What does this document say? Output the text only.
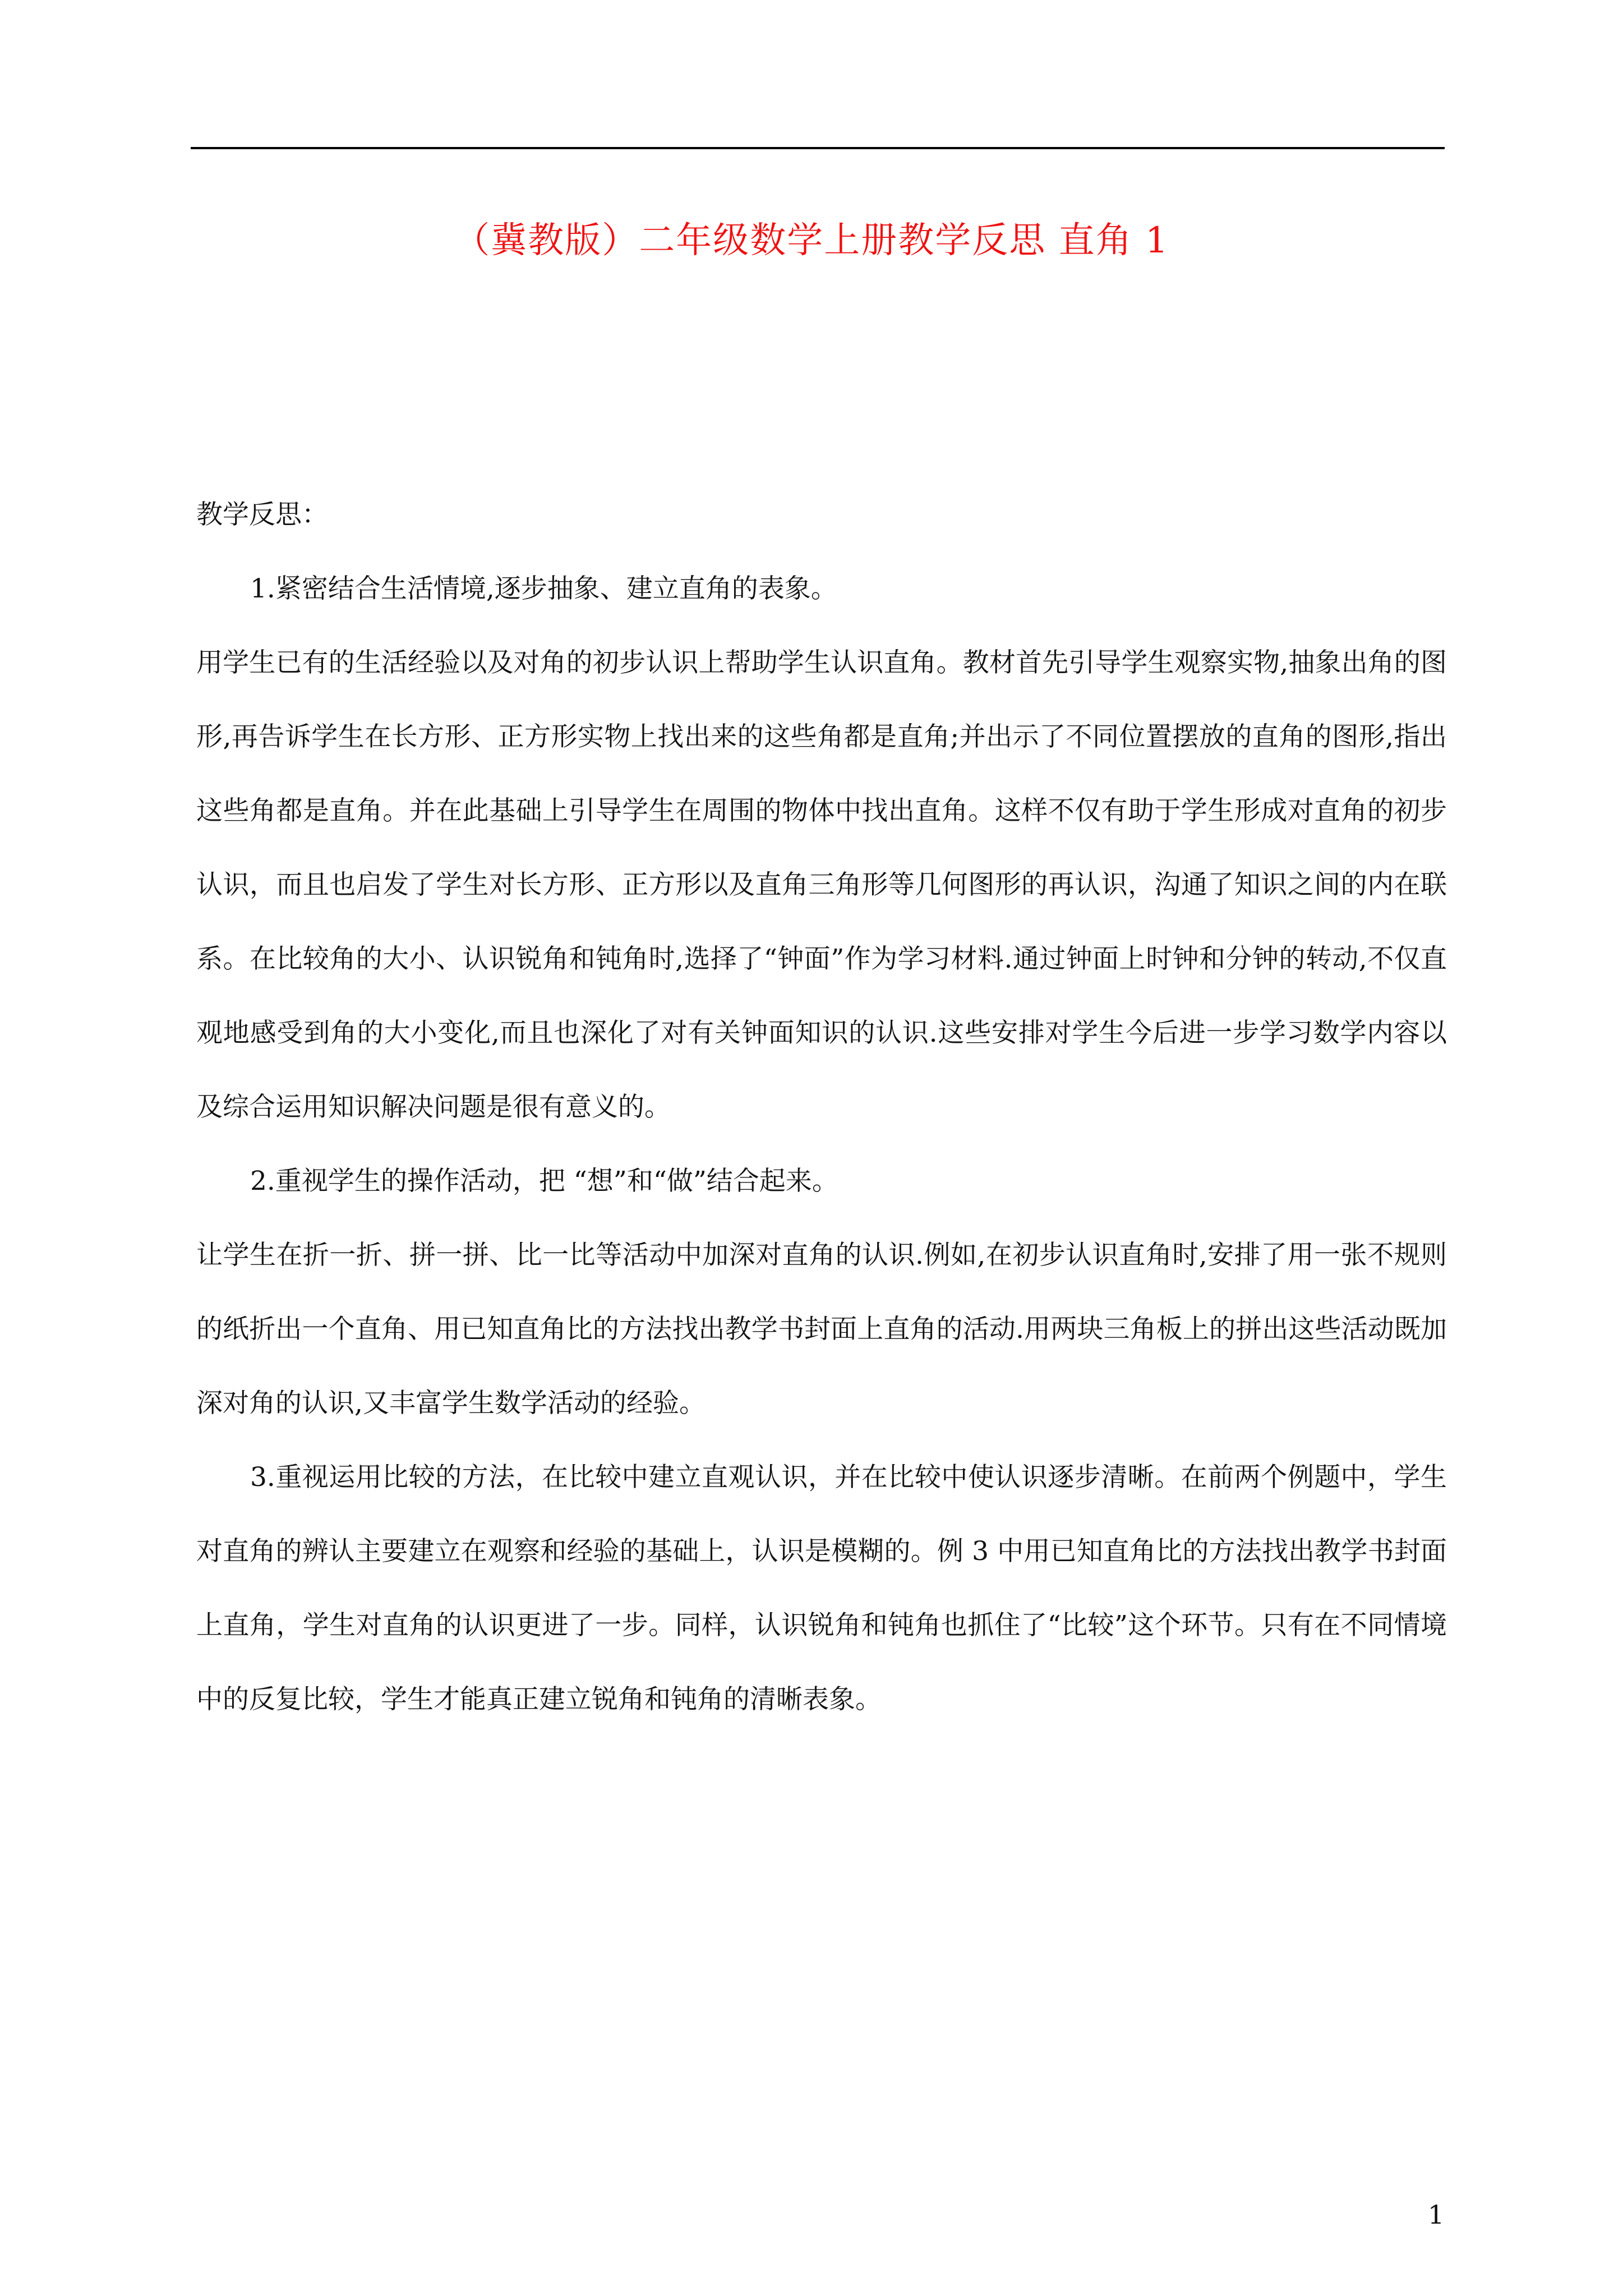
（冀教版）二年级数学上册教学反思 直角 1

教学反思：

1.紧密结合生活情境,逐步抽象、建立直角的表象。

用学生已有的生活经验以及对角的初步认识上帮助学生认识直角。教材首先引导学生观察实物,抽象出角的图形,再告诉学生在长方形、正方形实物上找出来的这些角都是直角;并出示了不同位置摆放的直角的图形,指出这些角都是直角。并在此基础上引导学生在周围的物体中找出直角。这样不仅有助于学生形成对直角的初步认识，而且也启发了学生对长方形、正方形以及直角三角形等几何图形的再认识，沟通了知识之间的内在联系。在比较角的大小、认识锐角和钝角时,选择了“钟面”作为学习材料.通过钟面上时钟和分钟的转动,不仅直观地感受到角的大小变化,而且也深化了对有关钟面知识的认识.这些安排对学生今后进一步学习数学内容以及综合运用知识解决问题是很有意义的。

2.重视学生的操作活动，把 “想”和“做”结合起来。

让学生在折一折、拼一拼、比一比等活动中加深对直角的认识.例如,在初步认识直角时,安排了用一张不规则的纸折出一个直角、用已知直角比的方法找出教学书封面上直角的活动.用两块三角板上的拼出这些活动既加深对角的认识,又丰富学生数学活动的经验。

3.重视运用比较的方法，在比较中建立直观认识，并在比较中使认识逐步清晰。在前两个例题中，学生对直角的辨认主要建立在观察和经验的基础上，认识是模糊的。例 3 中用已知直角比的方法找出教学书封面上直角，学生对直角的认识更进了一步。同样，认识锐角和钝角也抓住了“比较”这个环节。只有在不同情境中的反复比较，学生才能真正建立锐角和钝角的清晰表象。

1
